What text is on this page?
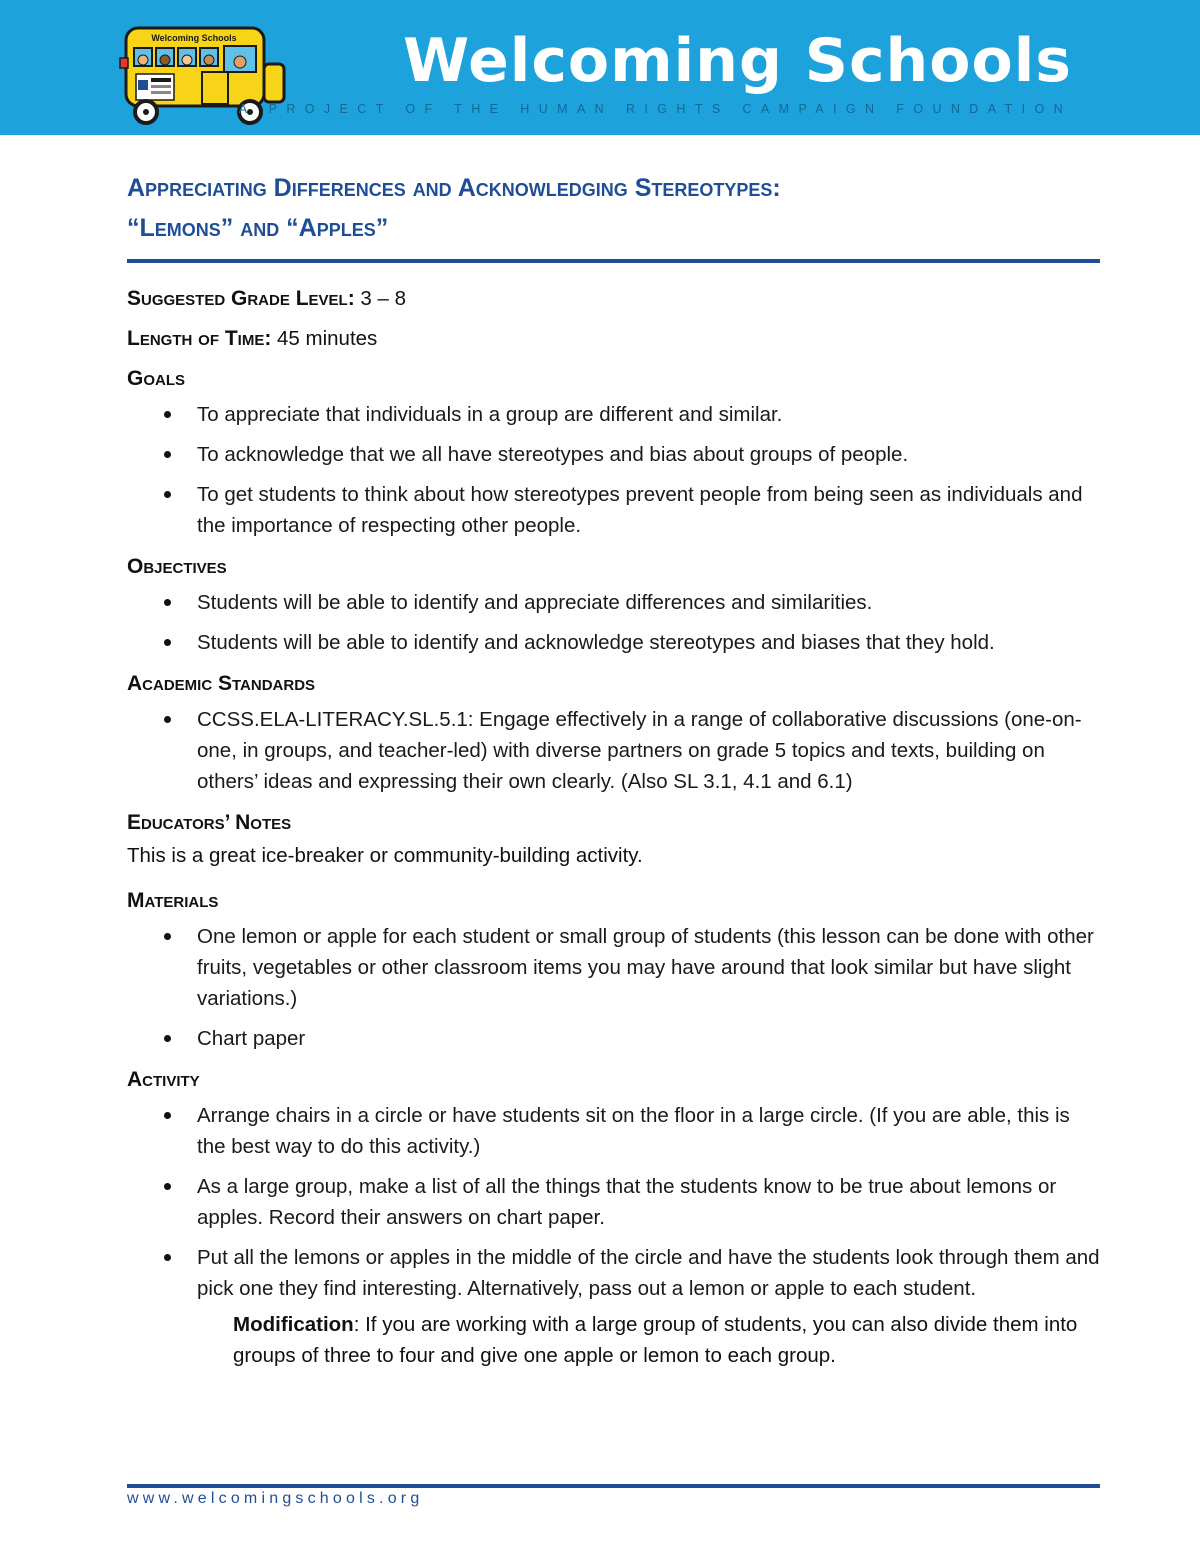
Welcoming Schools	Welcoming Schools
A PROJECT OF THE HUMAN RIGHTS CAMPAIGN FOUNDATION
Appreciating Differences and Acknowledging Stereotypes:
“Lemons” and “Apples”
Suggested Grade Level: 3 – 8
Length of Time: 45 minutes
Goals
To appreciate that individuals in a group are different and similar.
To acknowledge that we all have stereotypes and bias about groups of people.
To get students to think about how stereotypes prevent people from being seen as individuals and the importance of respecting other people.
Objectives
Students will be able to identify and appreciate differences and similarities.
Students will be able to identify and acknowledge stereotypes and biases that they hold.
Academic Standards
CCSS.ELA-LITERACY.SL.5.1: Engage effectively in a range of collaborative discussions (one-on-one, in groups, and teacher-led) with diverse partners on grade 5 topics and texts, building on others’ ideas and expressing their own clearly. (Also SL 3.1, 4.1 and 6.1)
Educators’ Notes
This is a great ice-breaker or community-building activity.
Materials
One lemon or apple for each student or small group of students (this lesson can be done with other fruits, vegetables or other classroom items you may have around that look similar but have slight variations.)
Chart paper
Activity
Arrange chairs in a circle or have students sit on the floor in a large circle. (If you are able, this is the best way to do this activity.)
As a large group, make a list of all the things that the students know to be true about lemons or apples. Record their answers on chart paper.
Put all the lemons or apples in the middle of the circle and have the students look through them and pick one they find interesting. Alternatively, pass out a lemon or apple to each student.
Modification: If you are working with a large group of students, you can also divide them into groups of three to four and give one apple or lemon to each group.
www.welcomingschools.org
